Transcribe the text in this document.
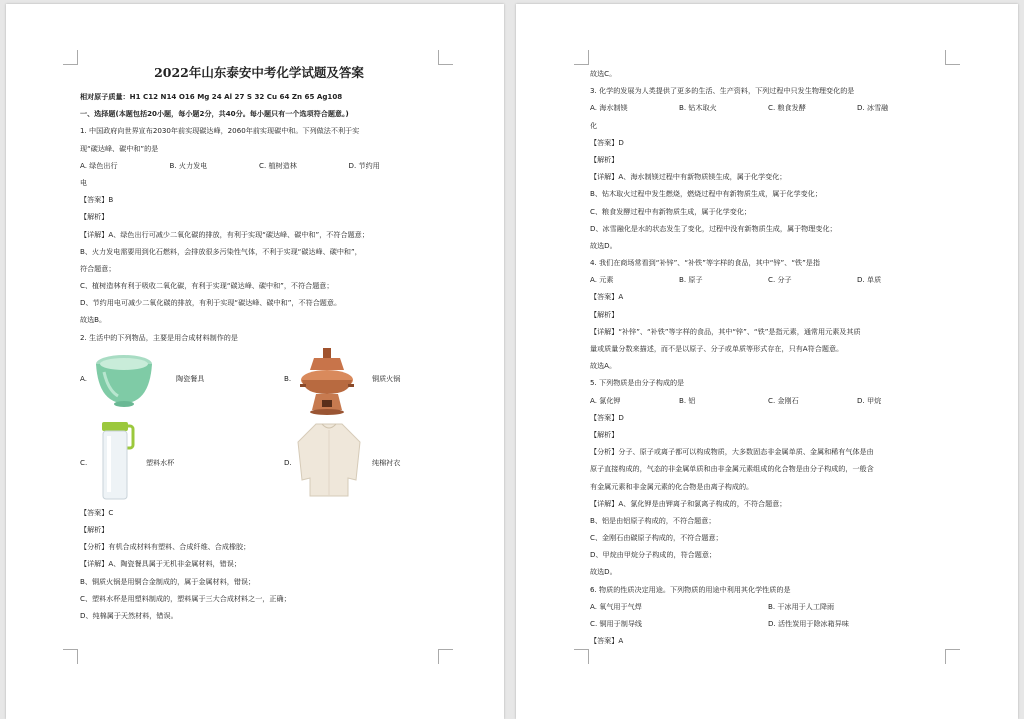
2022年山东泰安中考化学试题及答案
相对原子质量：H1 C12 N14 O16 Mg 24 Al 27 S 32 Cu 64 Zn 65 Ag108
一、选择题(本题包括20小题，每小题2分，共40分。每小题只有一个选项符合题意。)
1. 中国政府向世界宣布2030年前实现碳达峰，2060年前实现碳中和。下列做法不利于实
现“碳达峰、碳中和”的是
A. 绿色出行	B. 火力发电	C. 植树造林	D. 节约用
电
【答案】B
【解析】
【详解】A、绿色出行可减少二氧化碳的排放，有利于实现“碳达峰、碳中和”，不符合题意；
B、火力发电需要用到化石燃料，会排放很多污染性气体，不利于实现“碳达峰、碳中和”，
符合题意；
C、植树造林有利于吸收二氧化碳，有利于实现“碳达峰、碳中和”，不符合题意；
D、节约用电可减少二氧化碳的排放，有利于实现“碳达峰、碳中和”，不符合题意。
故选B。
2. 生活中的下列物品，主要是用合成材料制作的是
A.	陶瓷餐具	B.	铜质火锅
C.	塑料水杯	D.	纯棉衬衣
【答案】C
【解析】
【分析】有机合成材料有塑料、合成纤维、合成橡胶；
【详解】A、陶瓷餐具属于无机非金属材料，错误；
B、铜质火锅是用铜合金制成的，属于金属材料，错误；
C、塑料水杯是用塑料制成的，塑料属于三大合成材料之一，正确；
D、纯棉属于天然材料，错误。
故选C。
3. 化学的发展为人类提供了更多的生活、生产资料，下列过程中只发生物理变化的是
A. 海水制镁	B. 钻木取火	C. 粮食发酵	D. 冰雪融
化
【答案】D
【解析】
【详解】A、海水制镁过程中有新物质镁生成，属于化学变化；
B、钻木取火过程中发生燃烧，燃烧过程中有新物质生成，属于化学变化；
C、粮食发酵过程中有新物质生成，属于化学变化；
D、冰雪融化是水的状态发生了变化，过程中没有新物质生成，属于物理变化；
故选D。
4. 我们在商场常看到“补锌”、“补铁”等字样的食品，其中“锌”、“铁”是指
A. 元素	B. 原子	C. 分子	D. 单质
【答案】A
【解析】
【详解】“补锌”、“补铁”等字样的食品，其中“锌”、“铁”是指元素，通常用元素及其质
量或质量分数来描述，而不是以原子、分子或单质等形式存在，只有A符合题意。
故选A。
5. 下列物质是由分子构成的是
A. 氯化钾	B. 铝	C. 金刚石	D. 甲烷
【答案】D
【解析】
【分析】分子、原子或离子都可以构成物质，大多数固态非金属单质、金属和稀有气体是由
原子直接构成的，气态的非金属单质和由非金属元素组成的化合物是由分子构成的，一般含
有金属元素和非金属元素的化合物是由离子构成的。
【详解】A、氯化钾是由钾离子和氯离子构成的，不符合题意；
B、铝是由铝原子构成的，不符合题意；
C、金刚石由碳原子构成的，不符合题意；
D、甲烷由甲烷分子构成的，符合题意；
故选D。
6. 物质的性质决定用途。下列物质的用途中利用其化学性质的是
A. 氧气用于气焊	B. 干冰用于人工降雨
C. 铜用于制导线	D. 活性炭用于除冰箱异味
【答案】A
